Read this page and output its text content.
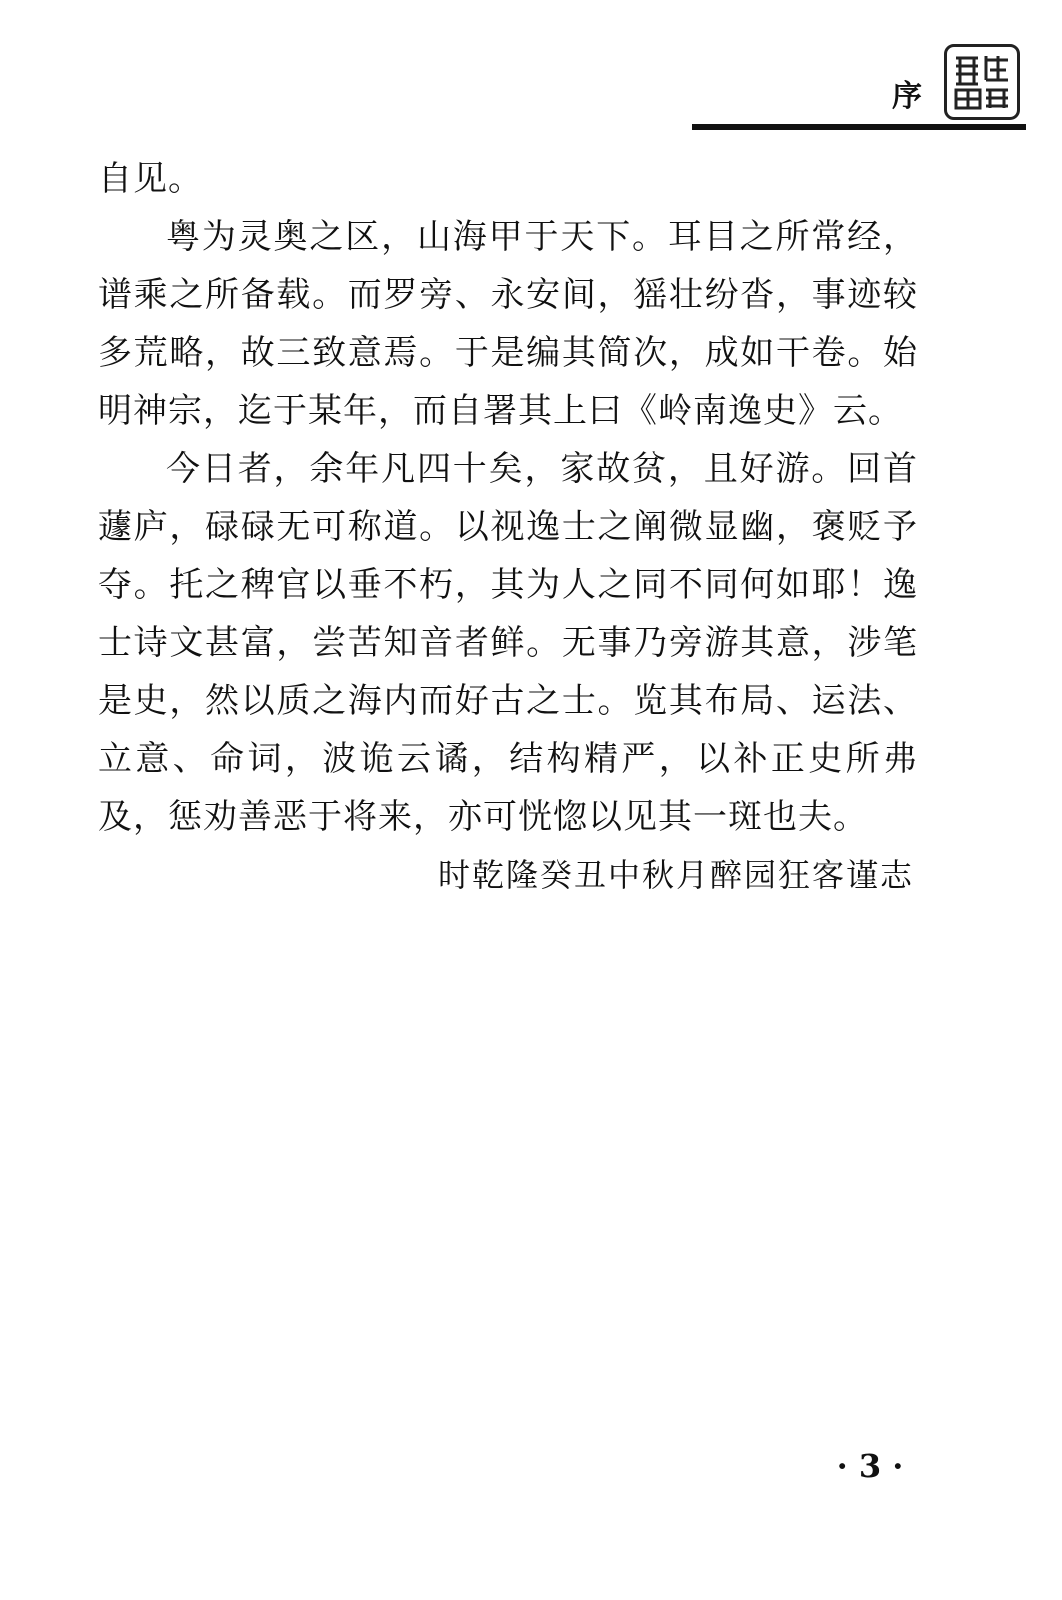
序

自见。

粤为灵奥之区，山海甲于天下。耳目之所常经，谱乘之所备载。而罗旁、永安间，猺壮纷沓，事迹较多荒略，故三致意焉。于是编其简次，成如干卷。始明神宗，迄于某年，而自署其上曰《岭南逸史》云。

今日者，余年凡四十矣，家故贫，且好游。回首蘧庐，碌碌无可称道。以视逸士之阐微显幽，褒贬予夺。托之稗官以垂不朽，其为人之同不同何如耶！逸士诗文甚富，尝苦知音者鲜。无事乃旁游其意，涉笔是史，然以质之海内而好古之士。览其布局、运法、立意、命词，波诡云谲，结构精严，以补正史所弗及，惩劝善恶于将来，亦可恍惚以见其一斑也夫。

时乾隆癸丑中秋月醉园狂客谨志

· 3 ·
